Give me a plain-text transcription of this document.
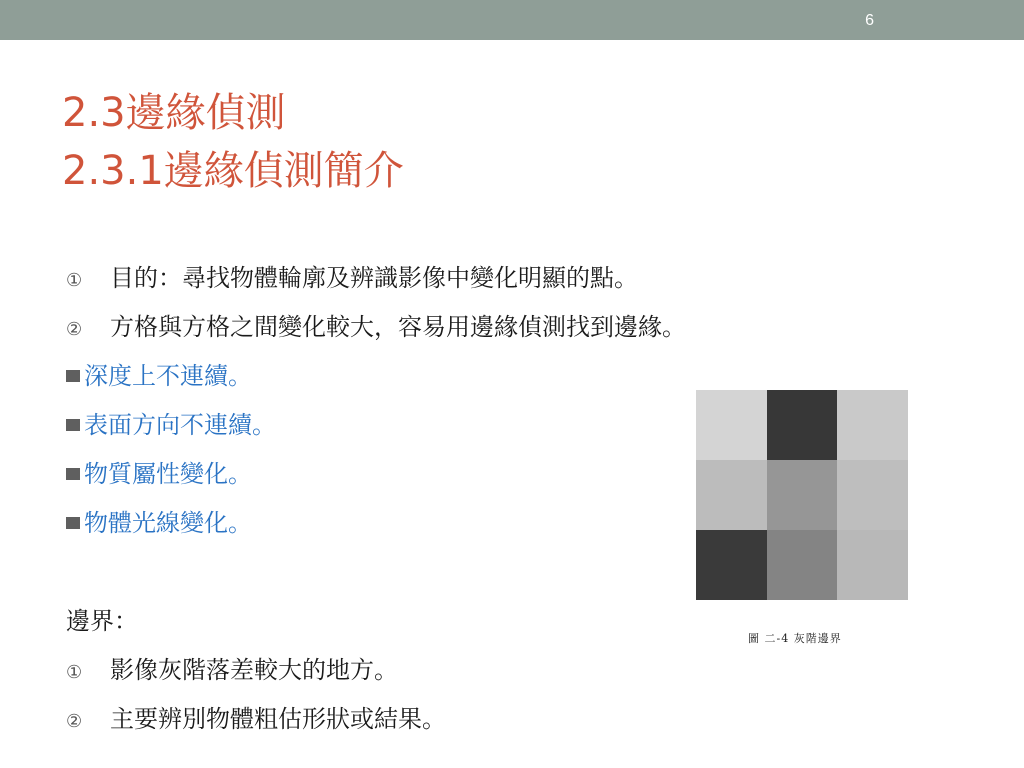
6
2.3邊緣偵測
2.3.1邊緣偵測簡介
① 目的：尋找物體輪廓及辨識影像中變化明顯的點。
② 方格與方格之間變化較大，容易用邊緣偵測找到邊緣。
深度上不連續。
表面方向不連續。
物質屬性變化。
物體光線變化。
邊界：
① 影像灰階落差較大的地方。
② 主要辨別物體粗估形狀或結果。
圖 二-4 灰階邊界
